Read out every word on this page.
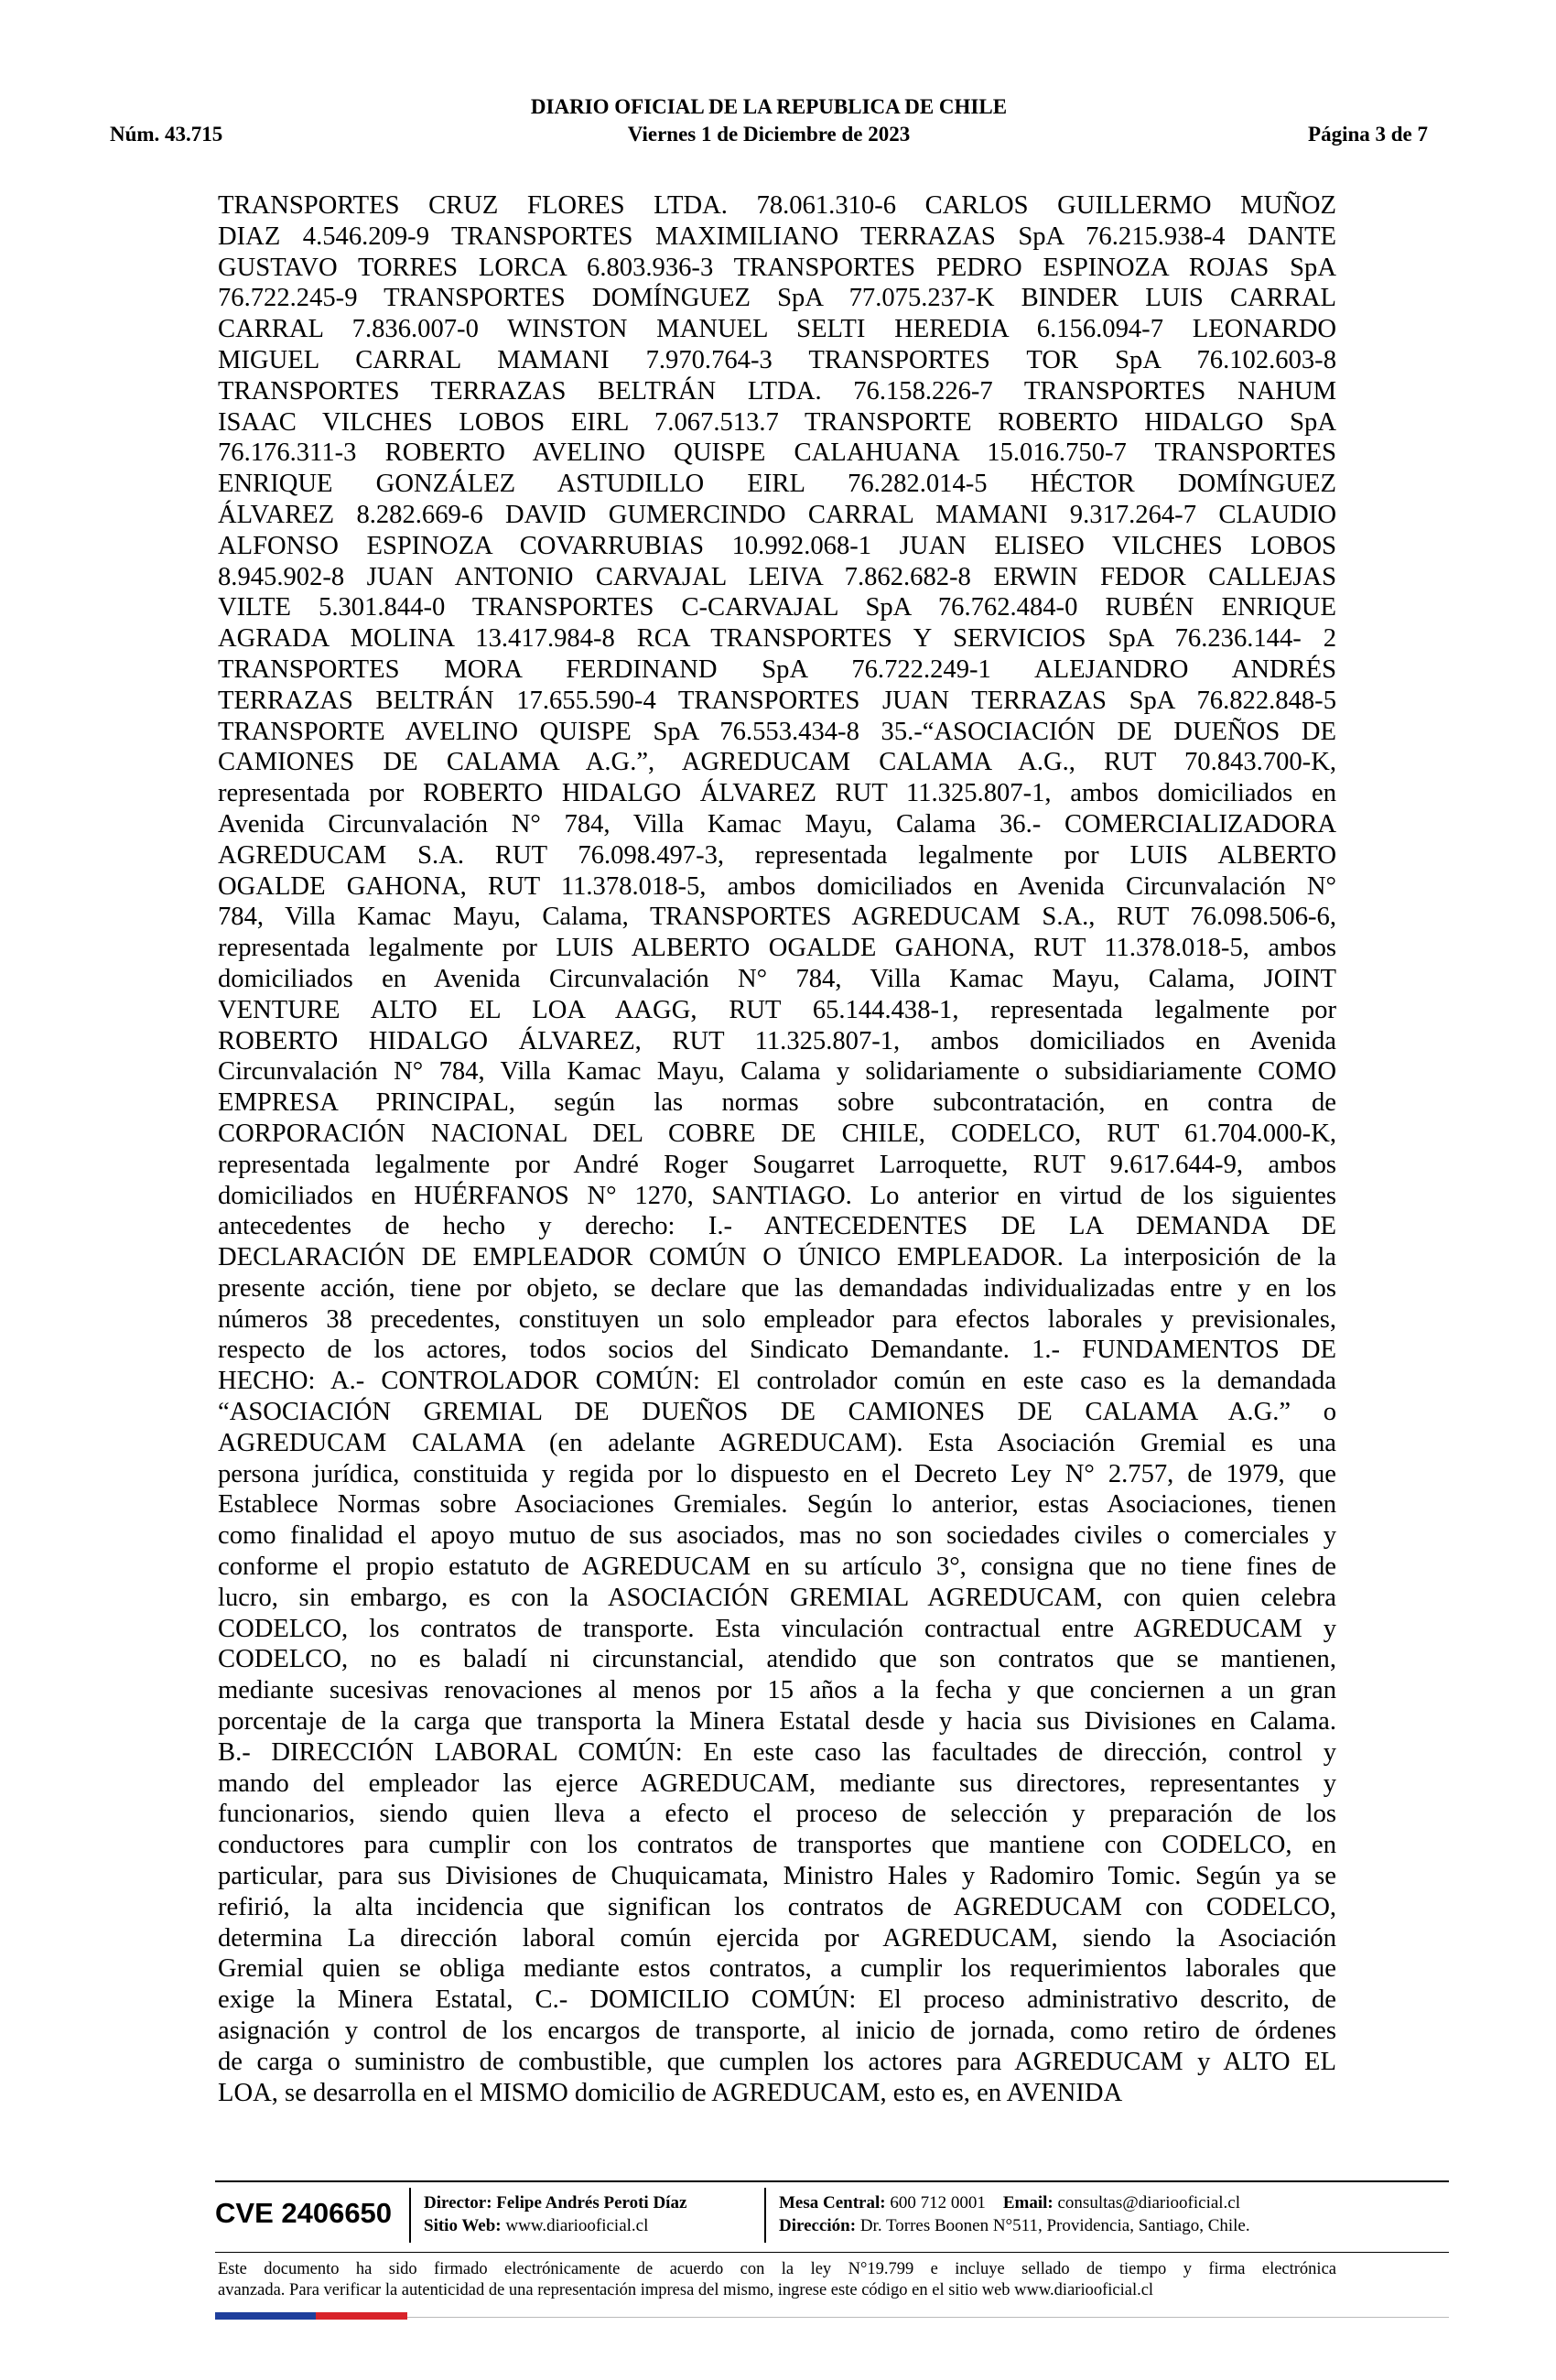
Núm. 43.715
DIARIO OFICIAL DE LA REPUBLICA DE CHILE
Viernes 1 de Diciembre de 2023	Página 3 de 7
TRANSPORTES CRUZ FLORES LTDA. 78.061.310-6 CARLOS GUILLERMO MUÑOZ
DIAZ 4.546.209-9 TRANSPORTES MAXIMILIANO TERRAZAS SpA 76.215.938-4 DANTE
GUSTAVO TORRES LORCA 6.803.936-3 TRANSPORTES PEDRO ESPINOZA ROJAS SpA
76.722.245-9 TRANSPORTES DOMÍNGUEZ SpA 77.075.237-K BINDER LUIS CARRAL
CARRAL 7.836.007-0 WINSTON MANUEL SELTI HEREDIA 6.156.094-7 LEONARDO
MIGUEL CARRAL MAMANI 7.970.764-3 TRANSPORTES TOR SpA 76.102.603-8
TRANSPORTES TERRAZAS BELTRÁN LTDA. 76.158.226-7 TRANSPORTES NAHUM
ISAAC VILCHES LOBOS EIRL 7.067.513.7 TRANSPORTE ROBERTO HIDALGO SpA
76.176.311-3 ROBERTO AVELINO QUISPE CALAHUANA 15.016.750-7 TRANSPORTES
ENRIQUE GONZÁLEZ ASTUDILLO EIRL 76.282.014-5 HÉCTOR DOMÍNGUEZ
ÁLVAREZ 8.282.669-6 DAVID GUMERCINDO CARRAL MAMANI 9.317.264-7 CLAUDIO
ALFONSO ESPINOZA COVARRUBIAS 10.992.068-1 JUAN ELISEO VILCHES LOBOS
8.945.902-8 JUAN ANTONIO CARVAJAL LEIVA 7.862.682-8 ERWIN FEDOR CALLEJAS
VILTE 5.301.844-0 TRANSPORTES C-CARVAJAL SpA 76.762.484-0 RUBÉN ENRIQUE
AGRADA MOLINA 13.417.984-8 RCA TRANSPORTES Y SERVICIOS SpA 76.236.144- 2
TRANSPORTES MORA FERDINAND SpA 76.722.249-1 ALEJANDRO ANDRÉS
TERRAZAS BELTRÁN 17.655.590-4 TRANSPORTES JUAN TERRAZAS SpA 76.822.848-5
TRANSPORTE AVELINO QUISPE SpA 76.553.434-8 35.-“ASOCIACIÓN DE DUEÑOS DE
CAMIONES DE CALAMA A.G.”, AGREDUCAM CALAMA A.G., RUT 70.843.700-K,
representada por ROBERTO HIDALGO ÁLVAREZ RUT 11.325.807-1, ambos domiciliados en
Avenida Circunvalación N° 784, Villa Kamac Mayu, Calama 36.- COMERCIALIZADORA
AGREDUCAM S.A. RUT 76.098.497-3, representada legalmente por LUIS ALBERTO
OGALDE GAHONA, RUT 11.378.018-5, ambos domiciliados en Avenida Circunvalación N°
784, Villa Kamac Mayu, Calama, TRANSPORTES AGREDUCAM S.A., RUT 76.098.506-6,
representada legalmente por LUIS ALBERTO OGALDE GAHONA, RUT 11.378.018-5, ambos
domiciliados en Avenida Circunvalación N° 784, Villa Kamac Mayu, Calama, JOINT
VENTURE ALTO EL LOA AAGG, RUT 65.144.438-1, representada legalmente por
ROBERTO HIDALGO ÁLVAREZ, RUT 11.325.807-1, ambos domiciliados en Avenida
Circunvalación N° 784, Villa Kamac Mayu, Calama y solidariamente o subsidiariamente COMO
EMPRESA PRINCIPAL, según las normas sobre subcontratación, en contra de
CORPORACIÓN NACIONAL DEL COBRE DE CHILE, CODELCO, RUT 61.704.000-K,
representada legalmente por André Roger Sougarret Larroquette, RUT 9.617.644-9, ambos
domiciliados en HUÉRFANOS N° 1270, SANTIAGO. Lo anterior en virtud de los siguientes
antecedentes de hecho y derecho: I.- ANTECEDENTES DE LA DEMANDA DE
DECLARACIÓN DE EMPLEADOR COMÚN O ÚNICO EMPLEADOR. La interposición de la
presente acción, tiene por objeto, se declare que las demandadas individualizadas entre y en los
números 38 precedentes, constituyen un solo empleador para efectos laborales y previsionales,
respecto de los actores, todos socios del Sindicato Demandante. 1.- FUNDAMENTOS DE
HECHO: A.- CONTROLADOR COMÚN: El controlador común en este caso es la demandada
“ASOCIACIÓN GREMIAL DE DUEÑOS DE CAMIONES DE CALAMA A.G.” o
AGREDUCAM CALAMA (en adelante AGREDUCAM). Esta Asociación Gremial es una
persona jurídica, constituida y regida por lo dispuesto en el Decreto Ley N° 2.757, de 1979, que
Establece Normas sobre Asociaciones Gremiales. Según lo anterior, estas Asociaciones, tienen
como finalidad el apoyo mutuo de sus asociados, mas no son sociedades civiles o comerciales y
conforme el propio estatuto de AGREDUCAM en su artículo 3°, consigna que no tiene fines de
lucro, sin embargo, es con la ASOCIACIÓN GREMIAL AGREDUCAM, con quien celebra
CODELCO, los contratos de transporte. Esta vinculación contractual entre AGREDUCAM y
CODELCO, no es baladí ni circunstancial, atendido que son contratos que se mantienen,
mediante sucesivas renovaciones al menos por 15 años a la fecha y que conciernen a un gran
porcentaje de la carga que transporta la Minera Estatal desde y hacia sus Divisiones en Calama.
B.- DIRECCIÓN LABORAL COMÚN: En este caso las facultades de dirección, control y
mando del empleador las ejerce AGREDUCAM, mediante sus directores, representantes y
funcionarios, siendo quien lleva a efecto el proceso de selección y preparación de los
conductores para cumplir con los contratos de transportes que mantiene con CODELCO, en
particular, para sus Divisiones de Chuquicamata, Ministro Hales y Radomiro Tomic. Según ya se
refirió, la alta incidencia que significan los contratos de AGREDUCAM con CODELCO,
determina La dirección laboral común ejercida por AGREDUCAM, siendo la Asociación
Gremial quien se obliga mediante estos contratos, a cumplir los requerimientos laborales que
exige la Minera Estatal, C.- DOMICILIO COMÚN: El proceso administrativo descrito, de
asignación y control de los encargos de transporte, al inicio de jornada, como retiro de órdenes
de carga o suministro de combustible, que cumplen los actores para AGREDUCAM y ALTO EL
LOA, se desarrolla en el MISMO domicilio de AGREDUCAM, esto es, en AVENIDA
CVE 2406650 Director: Felipe Andrés Peroti Díaz
Sitio Web: www.diariooficial.cl
Mesa Central: 600 712 0001 Email: consultas@diariooficial.cl
Dirección: Dr. Torres Boonen N°511, Providencia, Santiago, Chile.
Este documento ha sido firmado electrónicamente de acuerdo con la ley N°19.799 e incluye sellado de tiempo y firma electrónica
avanzada. Para verificar la autenticidad de una representación impresa del mismo, ingrese este código en el sitio web www.diariooficial.cl
